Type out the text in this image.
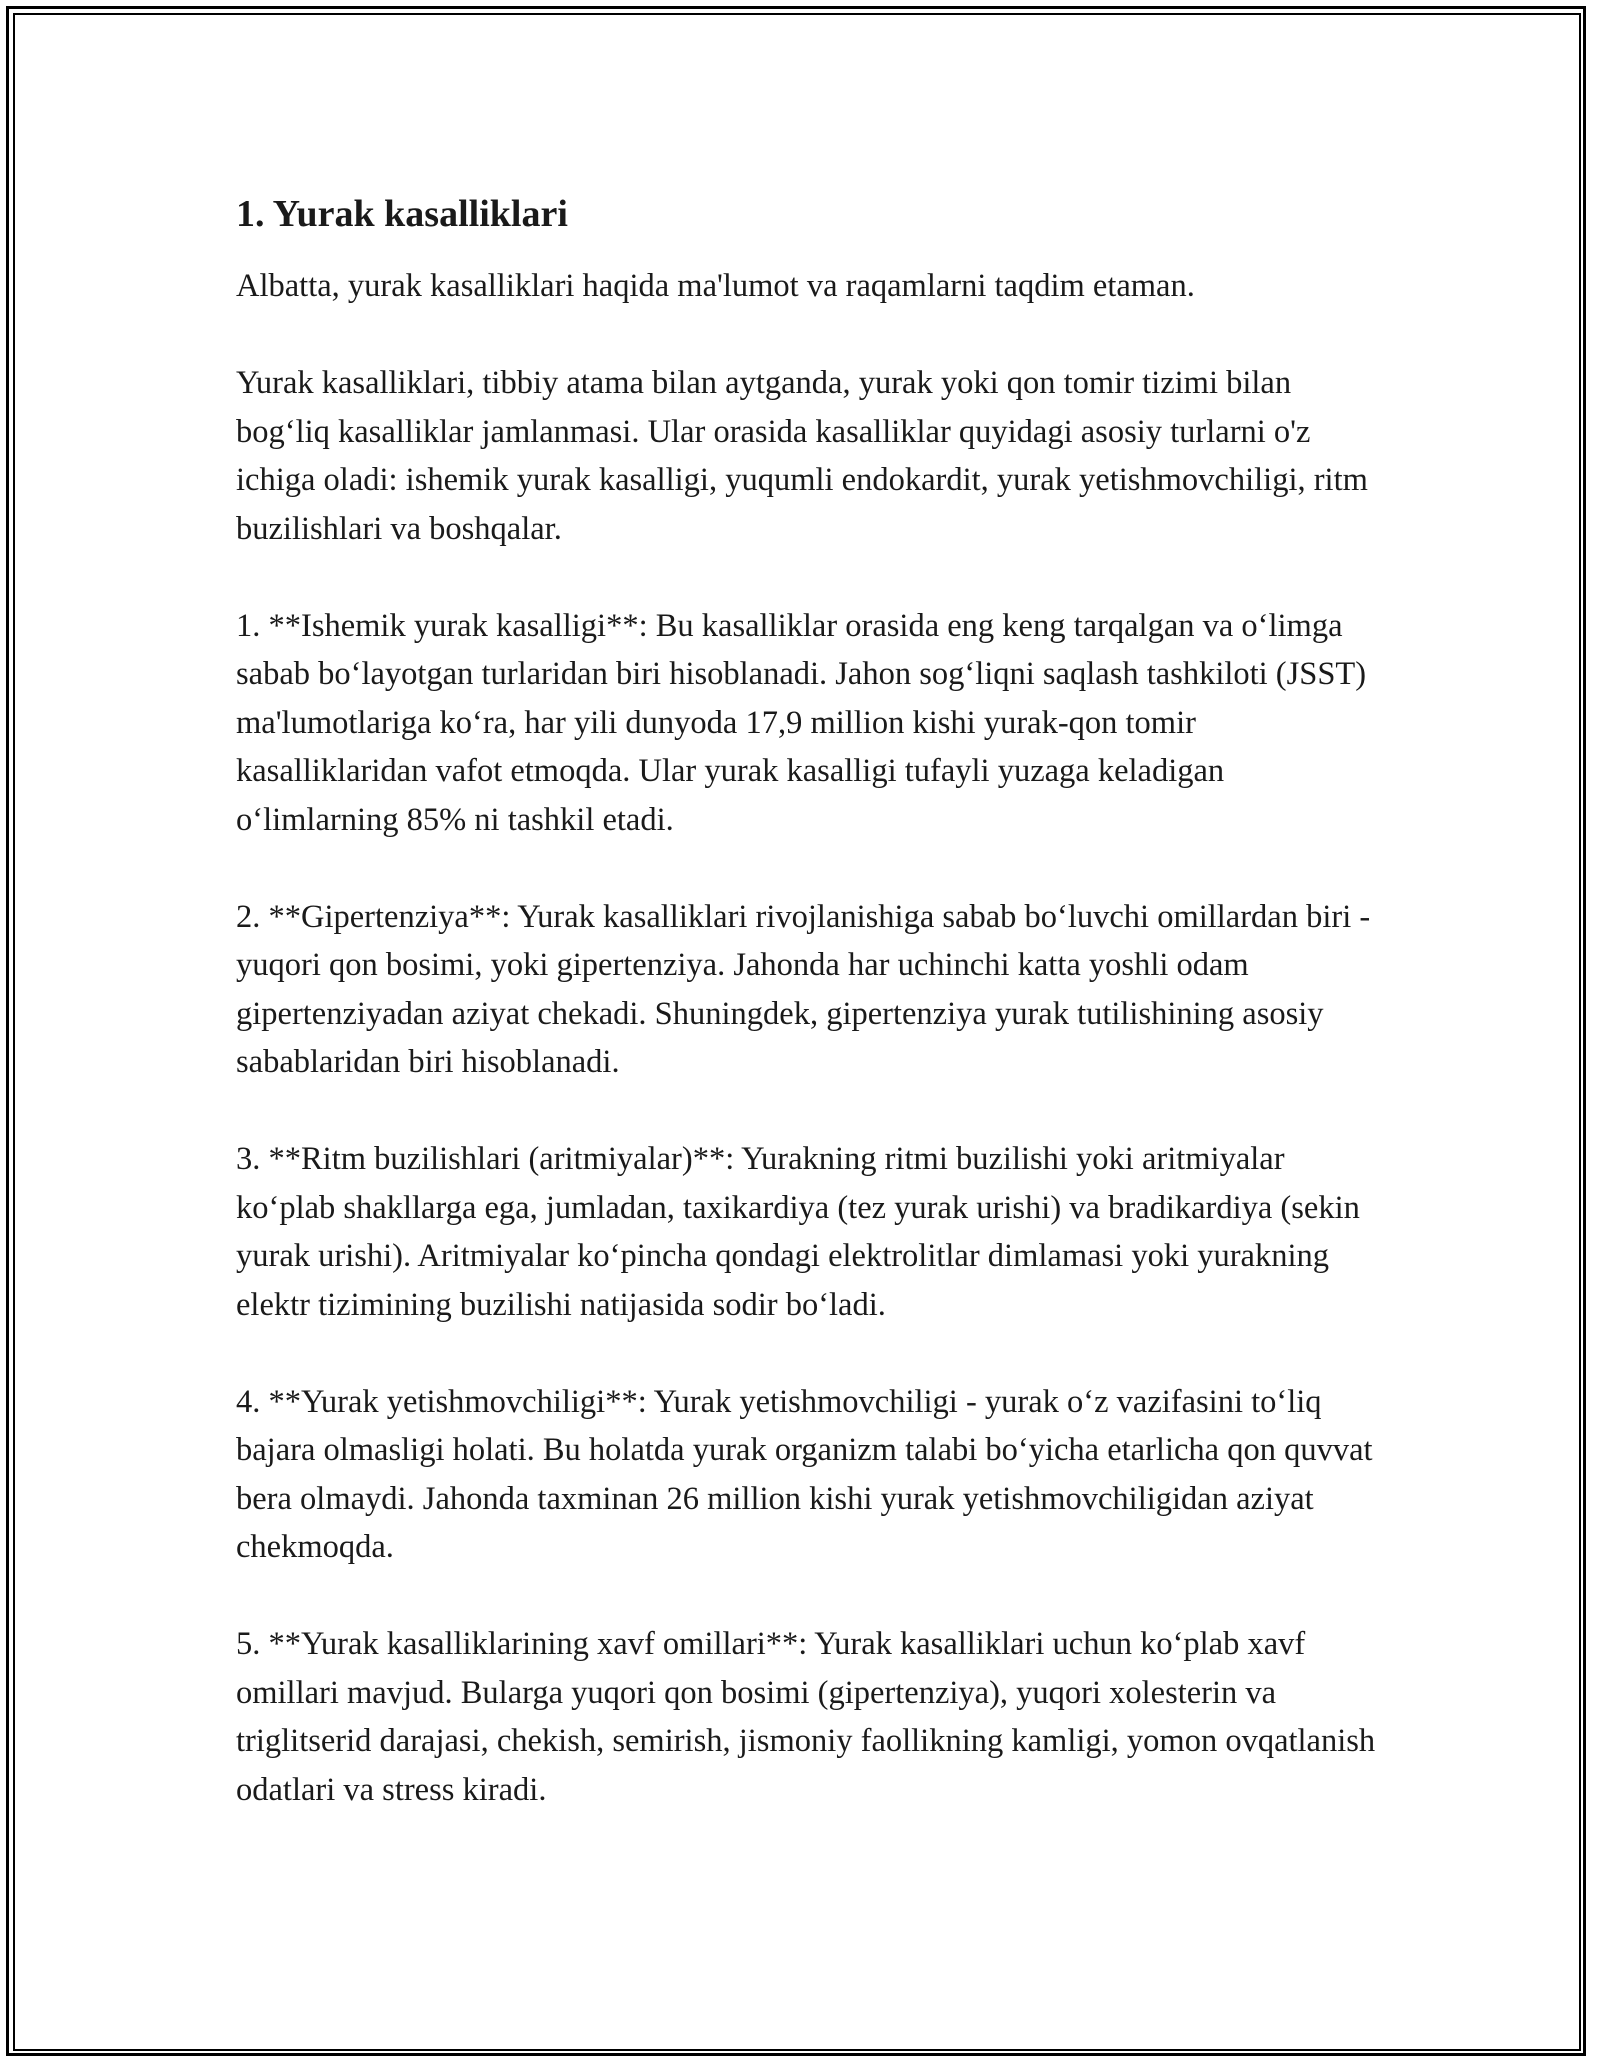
1. Yurak kasalliklari

Albatta, yurak kasalliklari haqida ma'lumot va raqamlarni taqdim etaman.

Yurak kasalliklari, tibbiy atama bilan aytganda, yurak yoki qon tomir tizimi bilan bog‘liq kasalliklar jamlanmasi. Ular orasida kasalliklar quyidagi asosiy turlarni o'z ichiga oladi: ishemik yurak kasalligi, yuqumli endokardit, yurak yetishmovchiligi, ritm buzilishlari va boshqalar.

1. **Ishemik yurak kasalligi**: Bu kasalliklar orasida eng keng tarqalgan va o‘limga sabab bo‘layotgan turlaridan biri hisoblanadi. Jahon sog‘liqni saqlash tashkiloti (JSST) ma'lumotlariga ko‘ra, har yili dunyoda 17,9 million kishi yurak-qon tomir kasalliklaridan vafot etmoqda. Ular yurak kasalligi tufayli yuzaga keladigan o‘limlarning 85% ni tashkil etadi.

2. **Gipertenziya**: Yurak kasalliklari rivojlanishiga sabab bo‘luvchi omillardan biri - yuqori qon bosimi, yoki gipertenziya. Jahonda har uchinchi katta yoshli odam gipertenziyadan aziyat chekadi. Shuningdek, gipertenziya yurak tutilishining asosiy sabablaridan biri hisoblanadi.

3. **Ritm buzilishlari (aritmiyalar)**: Yurakning ritmi buzilishi yoki aritmiyalar ko‘plab shakllarga ega, jumladan, taxikardiya (tez yurak urishi) va bradikardiya (sekin yurak urishi). Aritmiyalar ko‘pincha qondagi elektrolitlar dimlamasi yoki yurakning elektr tizimining buzilishi natijasida sodir bo‘ladi.

4. **Yurak yetishmovchiligi**: Yurak yetishmovchiligi - yurak o‘z vazifasini to‘liq bajara olmasligi holati. Bu holatda yurak organizm talabi bo‘yicha etarlicha qon quvvat bera olmaydi. Jahonda taxminan 26 million kishi yurak yetishmovchiligidan aziyat chekmoqda.

5. **Yurak kasalliklarining xavf omillari**: Yurak kasalliklari uchun ko‘plab xavf omillari mavjud. Bularga yuqori qon bosimi (gipertenziya), yuqori xolesterin va triglitserid darajasi, chekish, semirish, jismoniy faollikning kamligi, yomon ovqatlanish odatlari va stress kiradi.
